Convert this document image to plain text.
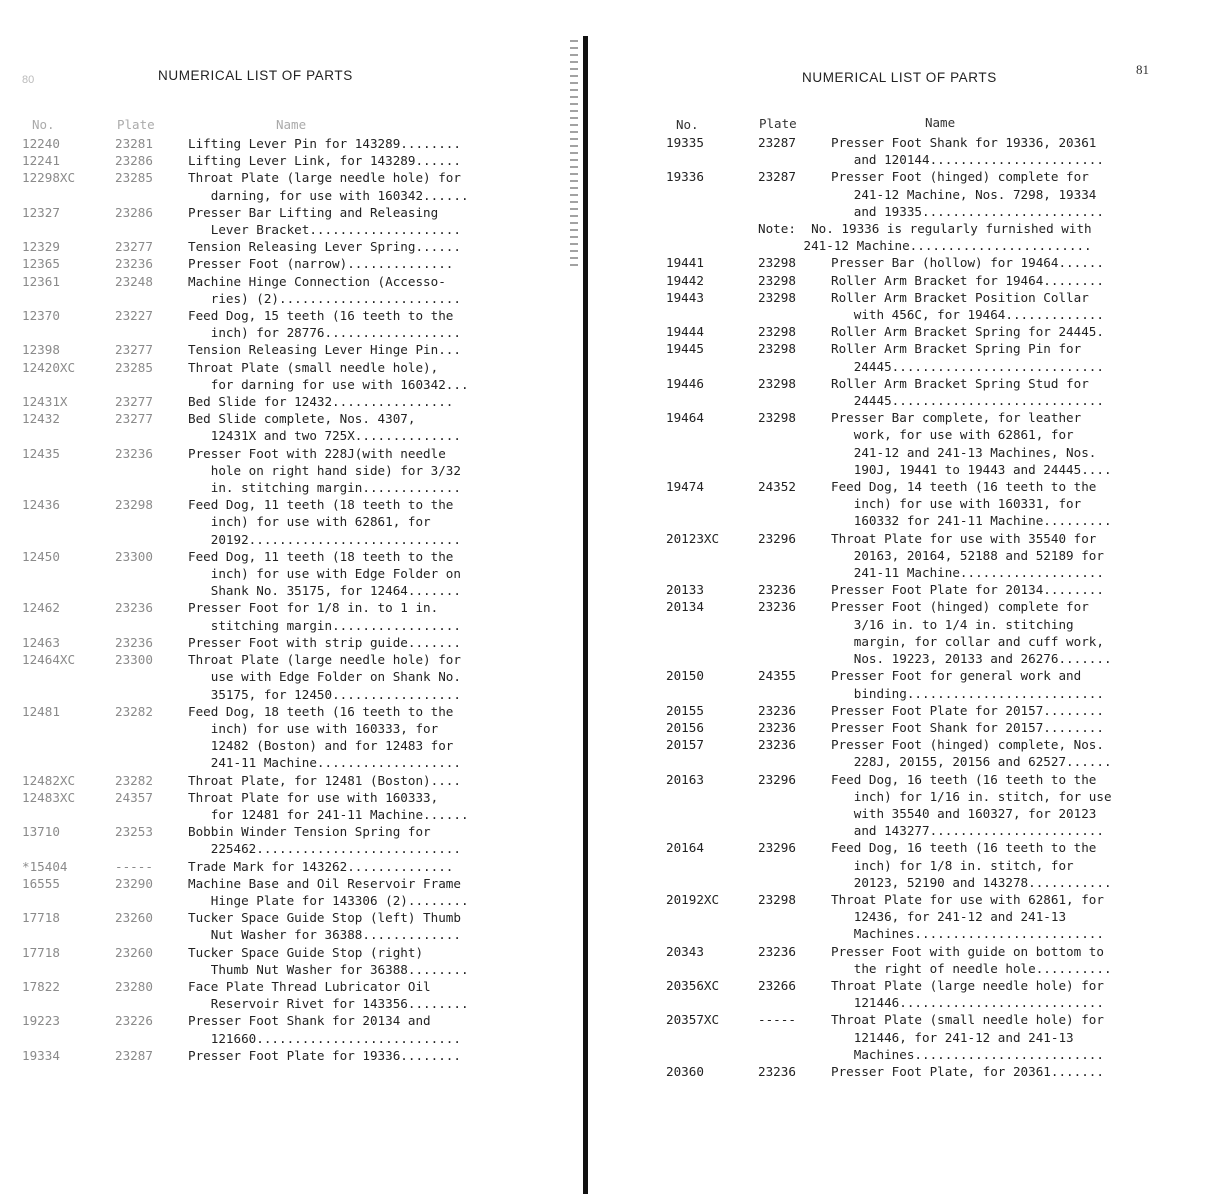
80	NUMERICAL LIST OF PARTS
No.	Plate	Name
12240	23281	Lifting Lever Pin for 143289........
12241	23286	Lifting Lever Link, for 143289......
12298XC	23285	Throat Plate (large needle hole) for
darning, for use with 160342......
12327	23286	Presser Bar Lifting and Releasing
Lever Bracket....................
12329	23277	Tension Releasing Lever Spring......
12365	23236	Presser Foot (narrow)..............
12361	23248	Machine Hinge Connection (Accesso-
ries) (2)........................
12370	23227	Feed Dog, 15 teeth (16 teeth to the
inch) for 28776..................
12398	23277	Tension Releasing Lever Hinge Pin...
12420XC	23285	Throat Plate (small needle hole),
for darning for use with 160342...
12431X	23277	Bed Slide for 12432................
12432	23277	Bed Slide complete, Nos. 4307,
12431X and two 725X..............
12435	23236	Presser Foot with 228J(with needle
hole on right hand side) for 3/32
in. stitching margin.............
12436	23298	Feed Dog, 11 teeth (18 teeth to the
inch) for use with 62861, for
20192............................
12450	23300	Feed Dog, 11 teeth (18 teeth to the
inch) for use with Edge Folder on
Shank No. 35175, for 12464.......
12462	23236	Presser Foot for 1/8 in. to 1 in.
stitching margin.................
12463	23236	Presser Foot with strip guide.......
12464XC	23300	Throat Plate (large needle hole) for
use with Edge Folder on Shank No.
35175, for 12450.................
12481	23282	Feed Dog, 18 teeth (16 teeth to the
inch) for use with 160333, for
12482 (Boston) and for 12483 for
241-11 Machine...................
12482XC	23282	Throat Plate, for 12481 (Boston)....
12483XC	24357	Throat Plate for use with 160333,
for 12481 for 241-11 Machine......
13710	23253	Bobbin Winder Tension Spring for
225462...........................
*15404	-----	Trade Mark for 143262..............
16555	23290	Machine Base and Oil Reservoir Frame
Hinge Plate for 143306 (2)........
17718	23260	Tucker Space Guide Stop (left) Thumb
Nut Washer for 36388.............
17718	23260	Tucker Space Guide Stop (right)
Thumb Nut Washer for 36388........
17822	23280	Face Plate Thread Lubricator Oil
Reservoir Rivet for 143356........
19223	23226	Presser Foot Shank for 20134 and
121660...........................
19334	23287	Presser Foot Plate for 19336........
81
NUMERICAL LIST OF PARTS
No.	Plate	Name
19335	23287	Presser Foot Shank for 19336, 20361
and 120144.......................
19336	23287	Presser Foot (hinged) complete for
241-12 Machine, Nos. 7298, 19334
and 19335........................
Note:  No. 19336 is regularly furnished with
241-12 Machine........................
19441	23298	Presser Bar (hollow) for 19464......
19442	23298	Roller Arm Bracket for 19464........
19443	23298	Roller Arm Bracket Position Collar
with 456C, for 19464.............
19444	23298	Roller Arm Bracket Spring for 24445.
19445	23298	Roller Arm Bracket Spring Pin for
24445............................
19446	23298	Roller Arm Bracket Spring Stud for
24445............................
19464	23298	Presser Bar complete, for leather
work, for use with 62861, for
241-12 and 241-13 Machines, Nos.
190J, 19441 to 19443 and 24445....
19474	24352	Feed Dog, 14 teeth (16 teeth to the
inch) for use with 160331, for
160332 for 241-11 Machine.........
20123XC	23296	Throat Plate for use with 35540 for
20163, 20164, 52188 and 52189 for
241-11 Machine...................
20133	23236	Presser Foot Plate for 20134........
20134	23236	Presser Foot (hinged) complete for
3/16 in. to 1/4 in. stitching
margin, for collar and cuff work,
Nos. 19223, 20133 and 26276.......
20150	24355	Presser Foot for general work and
binding..........................
20155	23236	Presser Foot Plate for 20157........
20156	23236	Presser Foot Shank for 20157........
20157	23236	Presser Foot (hinged) complete, Nos.
228J, 20155, 20156 and 62527......
20163	23296	Feed Dog, 16 teeth (16 teeth to the
inch) for 1/16 in. stitch, for use
with 35540 and 160327, for 20123
and 143277.......................
20164	23296	Feed Dog, 16 teeth (16 teeth to the
inch) for 1/8 in. stitch, for
20123, 52190 and 143278...........
20192XC	23298	Throat Plate for use with 62861, for
12436, for 241-12 and 241-13
Machines.........................
20343	23236	Presser Foot with guide on bottom to
the right of needle hole..........
20356XC	23266	Throat Plate (large needle hole) for
121446...........................
20357XC	-----	Throat Plate (small needle hole) for
121446, for 241-12 and 241-13
Machines.........................
20360	23236	Presser Foot Plate, for 20361.......
